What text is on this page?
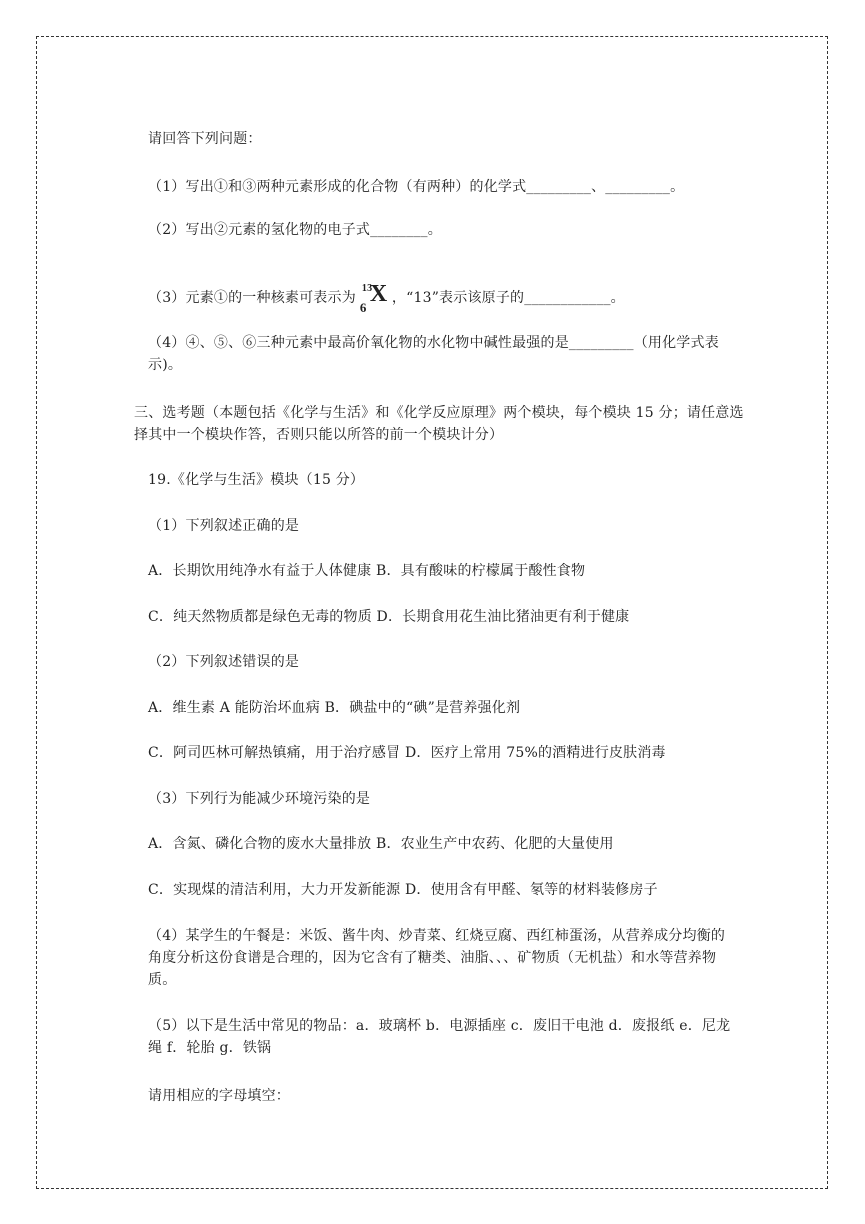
请回答下列问题：
（1）写出①和③两种元素形成的化合物（有两种）的化学式_________、_________。
（2）写出②元素的氢化物的电子式________。
（3）元素①的一种核素可表示为
13
6
X ，“13”表示该原子的____________。
（4）④、⑤、⑥三种元素中最高价氧化物的水化物中碱性最强的是_________（用化学式表示)。
三、选考题（本题包括《化学与生活》和《化学反应原理》两个模块，每个模块 15 分；请任意选择其中一个模块作答，否则只能以所答的前一个模块计分）
19.《化学与生活》模块（15 分）
（1）下列叙述正确的是
A．长期饮用纯净水有益于人体健康 B．具有酸味的柠檬属于酸性食物
C．纯天然物质都是绿色无毒的物质 D．长期食用花生油比猪油更有利于健康
（2）下列叙述错误的是
A．维生素 A 能防治坏血病 B．碘盐中的“碘”是营养强化剂
C．阿司匹林可解热镇痛，用于治疗感冒 D．医疗上常用 75%的酒精进行皮肤消毒
（3）下列行为能减少环境污染的是
A．含氮、磷化合物的废水大量排放 B．农业生产中农药、化肥的大量使用
C．实现煤的清洁利用，大力开发新能源 D．使用含有甲醛、氡等的材料装修房子
（4）某学生的午餐是：米饭、酱牛肉、炒青菜、红烧豆腐、西红柿蛋汤，从营养成分均衡的角度分析这份食谱是合理的，因为它含有了糖类、油脂、、、矿物质（无机盐）和水等营养物质。
（5）以下是生活中常见的物品：a．玻璃杯 b．电源插座 c．废旧干电池 d．废报纸 e．尼龙绳 f．轮胎 g．铁锅
请用相应的字母填空：
